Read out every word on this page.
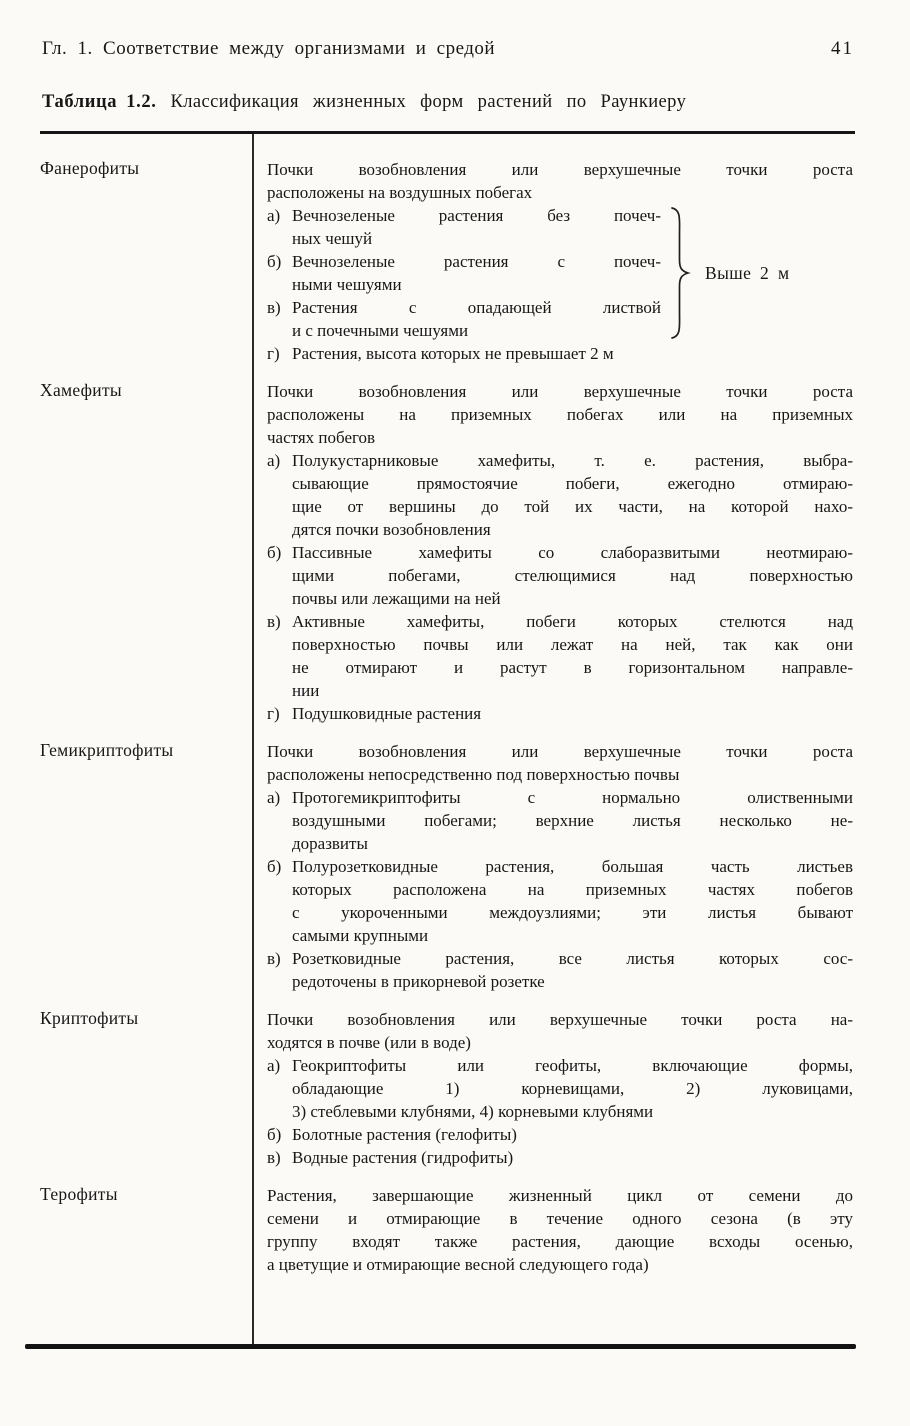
Гл. 1. Соответствие между организмами и средой	41
Таблица 1.2. Классификация жизненных форм растений по Раункиеру
Фанерофиты	Почки возобновления или верхушечные точки роста
расположены на воздушных побегах
а) Вечнозеленые растения без почеч-
ных чешуй
б) Вечнозеленые растения с почеч-
ными чешуями
в) Растения с опадающей листвой
и с почечными чешуями
Выше 2 м
г) Растения, высота которых не превышает 2 м
Хамефиты	Почки возобновления или верхушечные точки роста
расположены на приземных побегах или на приземных
частях побегов
а) Полукустарниковые хамефиты, т. е. растения, выбра-
сывающие прямостоячие побеги, ежегодно отмираю-
щие от вершины до той их части, на которой нахо-
дятся почки возобновления
б) Пассивные хамефиты со слаборазвитыми неотмираю-
щими побегами, стелющимися над поверхностью
почвы или лежащими на ней
в) Активные хамефиты, побеги которых стелются над
поверхностью почвы или лежат на ней, так как они
не отмирают и растут в горизонтальном направле-
нии
г) Подушковидные растения
Гемикриптофиты	Почки возобновления или верхушечные точки роста
расположены непосредственно под поверхностью почвы
а) Протогемикриптофиты с нормально олиственными
воздушными побегами; верхние листья несколько не-
доразвиты
б) Полурозетковидные растения, большая часть листьев
которых расположена на приземных частях побегов
с укороченными междоузлиями; эти листья бывают
самыми крупными
в) Розетковидные растения, все листья которых сос-
редоточены в прикорневой розетке
Криптофиты	Почки возобновления или верхушечные точки роста на-
ходятся в почве (или в воде)
а) Геокриптофиты или геофиты, включающие формы,
обладающие 1) корневищами, 2) луковицами,
3) стеблевыми клубнями, 4) корневыми клубнями
б) Болотные растения (гелофиты)
в) Водные растения (гидрофиты)
Терофиты	Растения, завершающие жизненный цикл от семени до
семени и отмирающие в течение одного сезона (в эту
группу входят также растения, дающие всходы осенью,
а цветущие и отмирающие весной следующего года)
